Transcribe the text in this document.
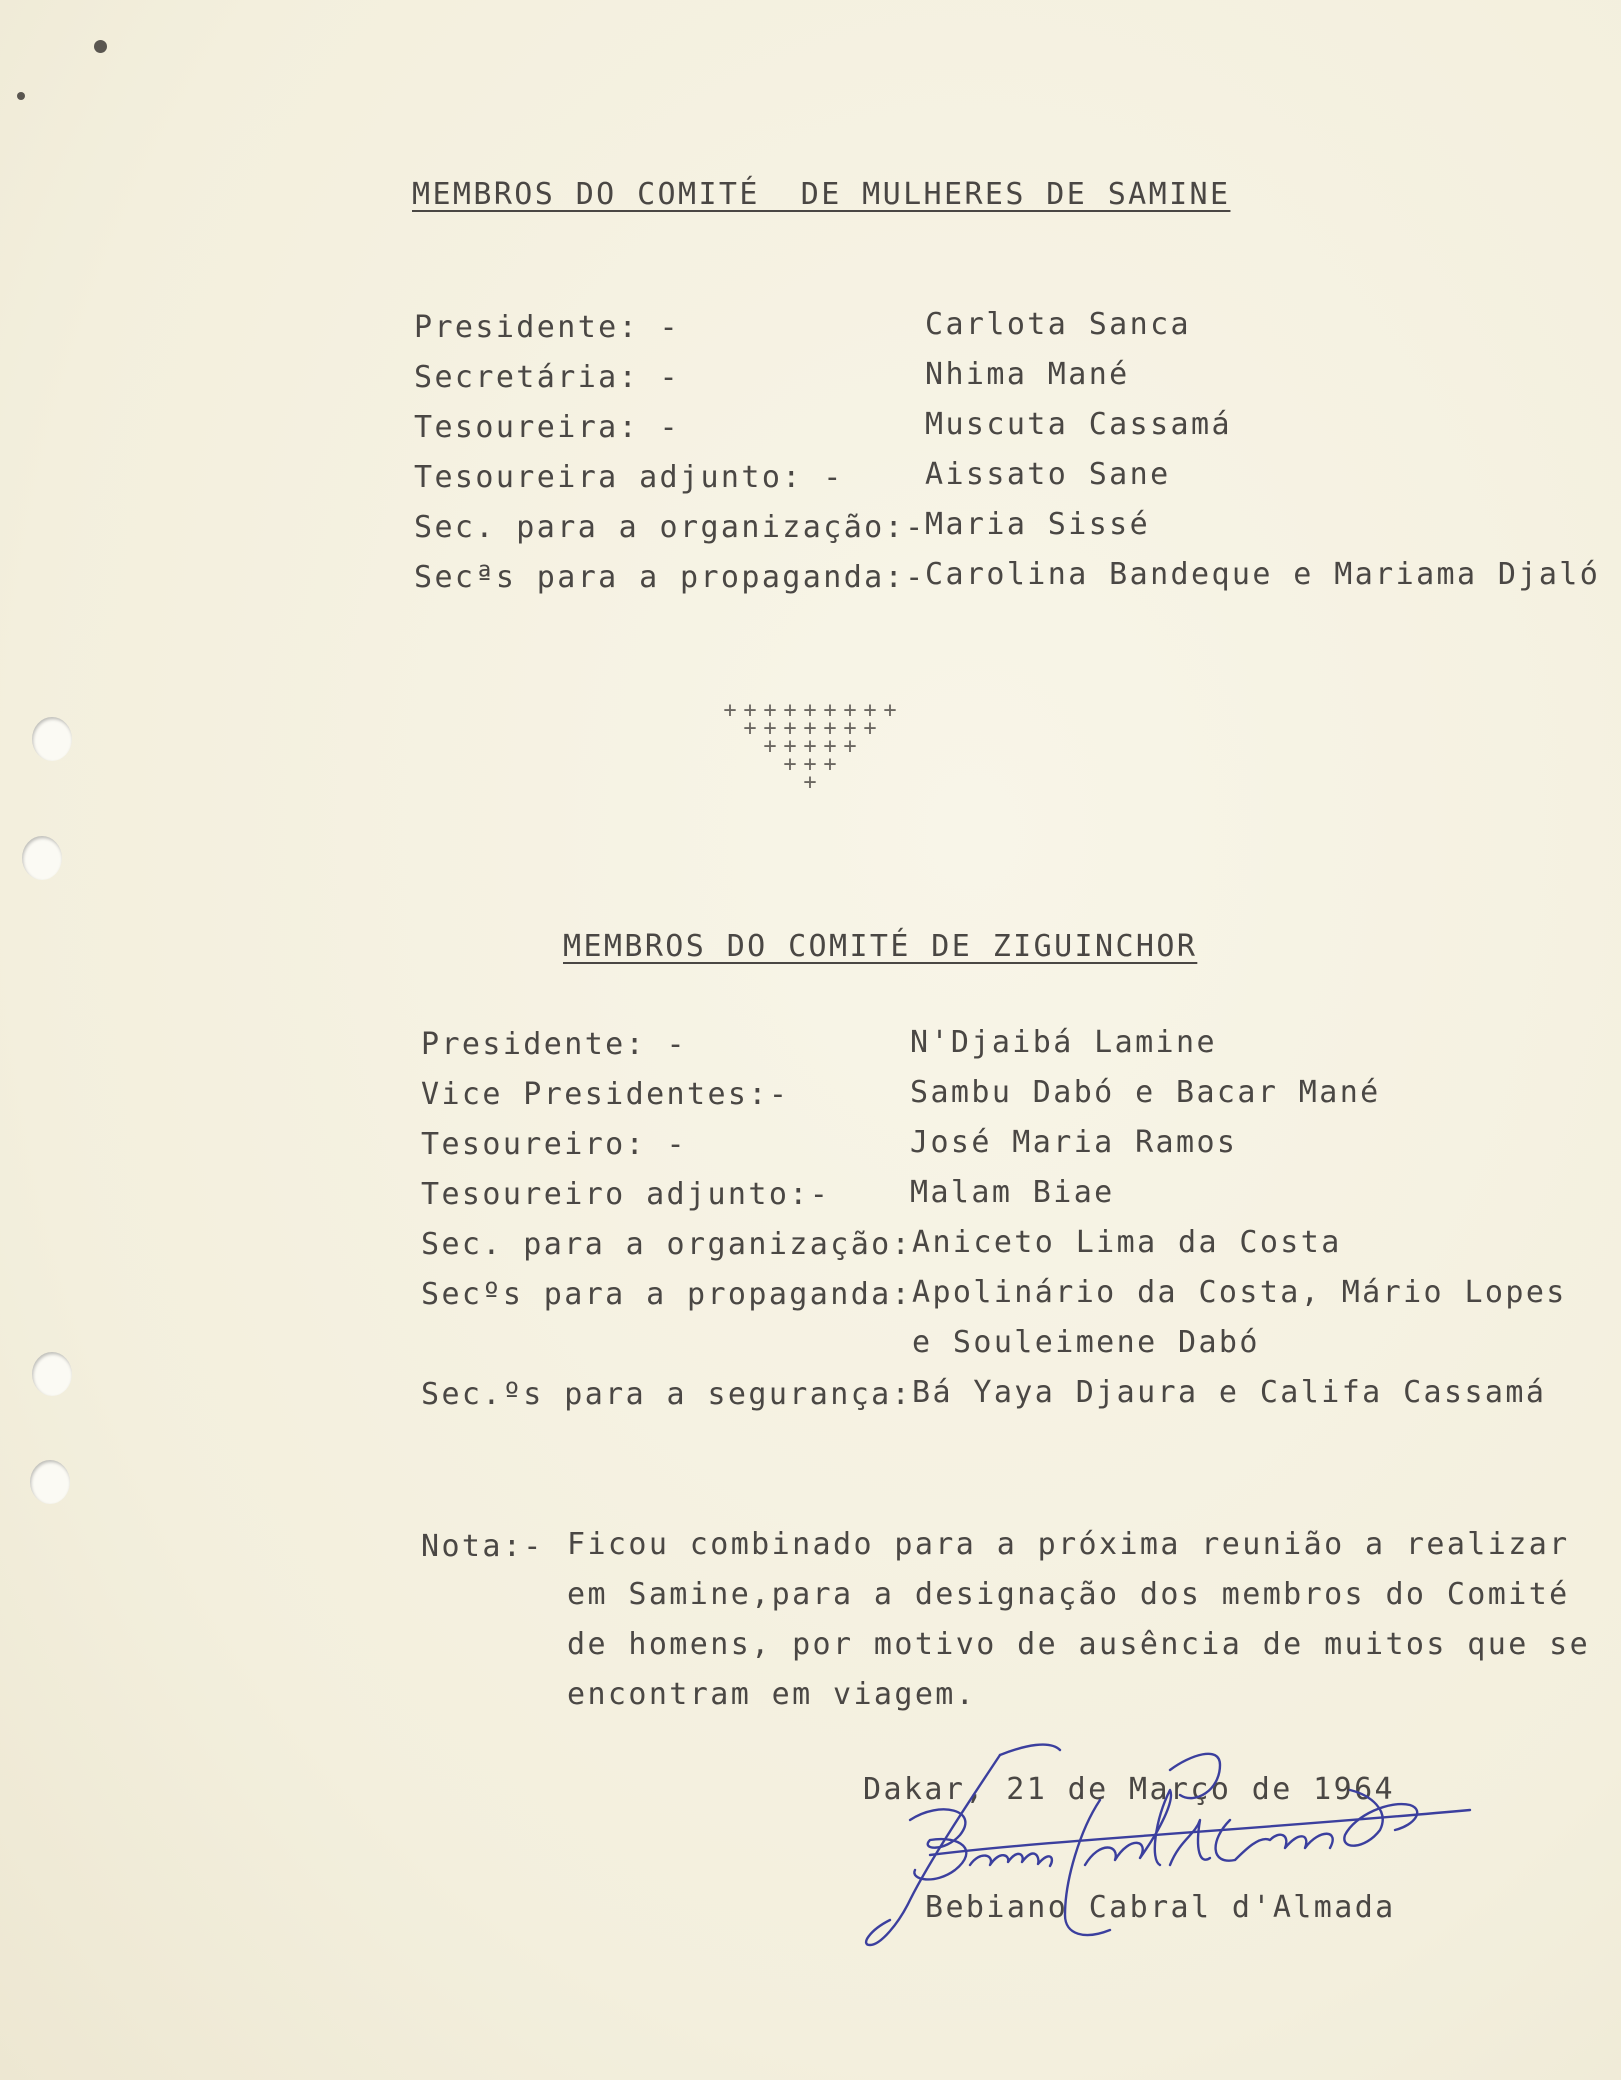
MEMBROS DO COMITÉ  DE MULHERES DE SAMINE
Presidente: -	Carlota Sanca
Secretária: -	Nhima Mané
Tesoureira: -	Muscuta Cassamá
Tesoureira adjunto: -	Aissato Sane
Sec. para a organização:- Maria Sissé
Secªs para a propaganda:- Carolina Bandeque e Mariama Djaló
+ + + + + + + + +
+ + + + + + +
+ + + + +
+ + +
+
MEMBROS DO COMITÉ DE ZIGUINCHOR
Presidente: -	N'Djaibá Lamine
Vice Presidentes:-	Sambu Dabó e Bacar Mané
Tesoureiro: -	José Maria Ramos
Tesoureiro adjunto:-	Malam Biae
Sec. para a organização: Aniceto Lima da Costa
Secºs para a propaganda: Apolinário da Costa, Mário Lopes
e Souleimene Dabó
Sec.ºs para a segurança: Bá Yaya Djaura e Califa Cassamá
Nota:- Ficou combinado para a próxima reunião a realizar
em Samine,para a designação dos membros do Comité
de homens, por motivo de ausência de muitos que se
encontram em viagem.
Dakar, 21 de Março de 1964
Bebiano Cabral d'Almada
